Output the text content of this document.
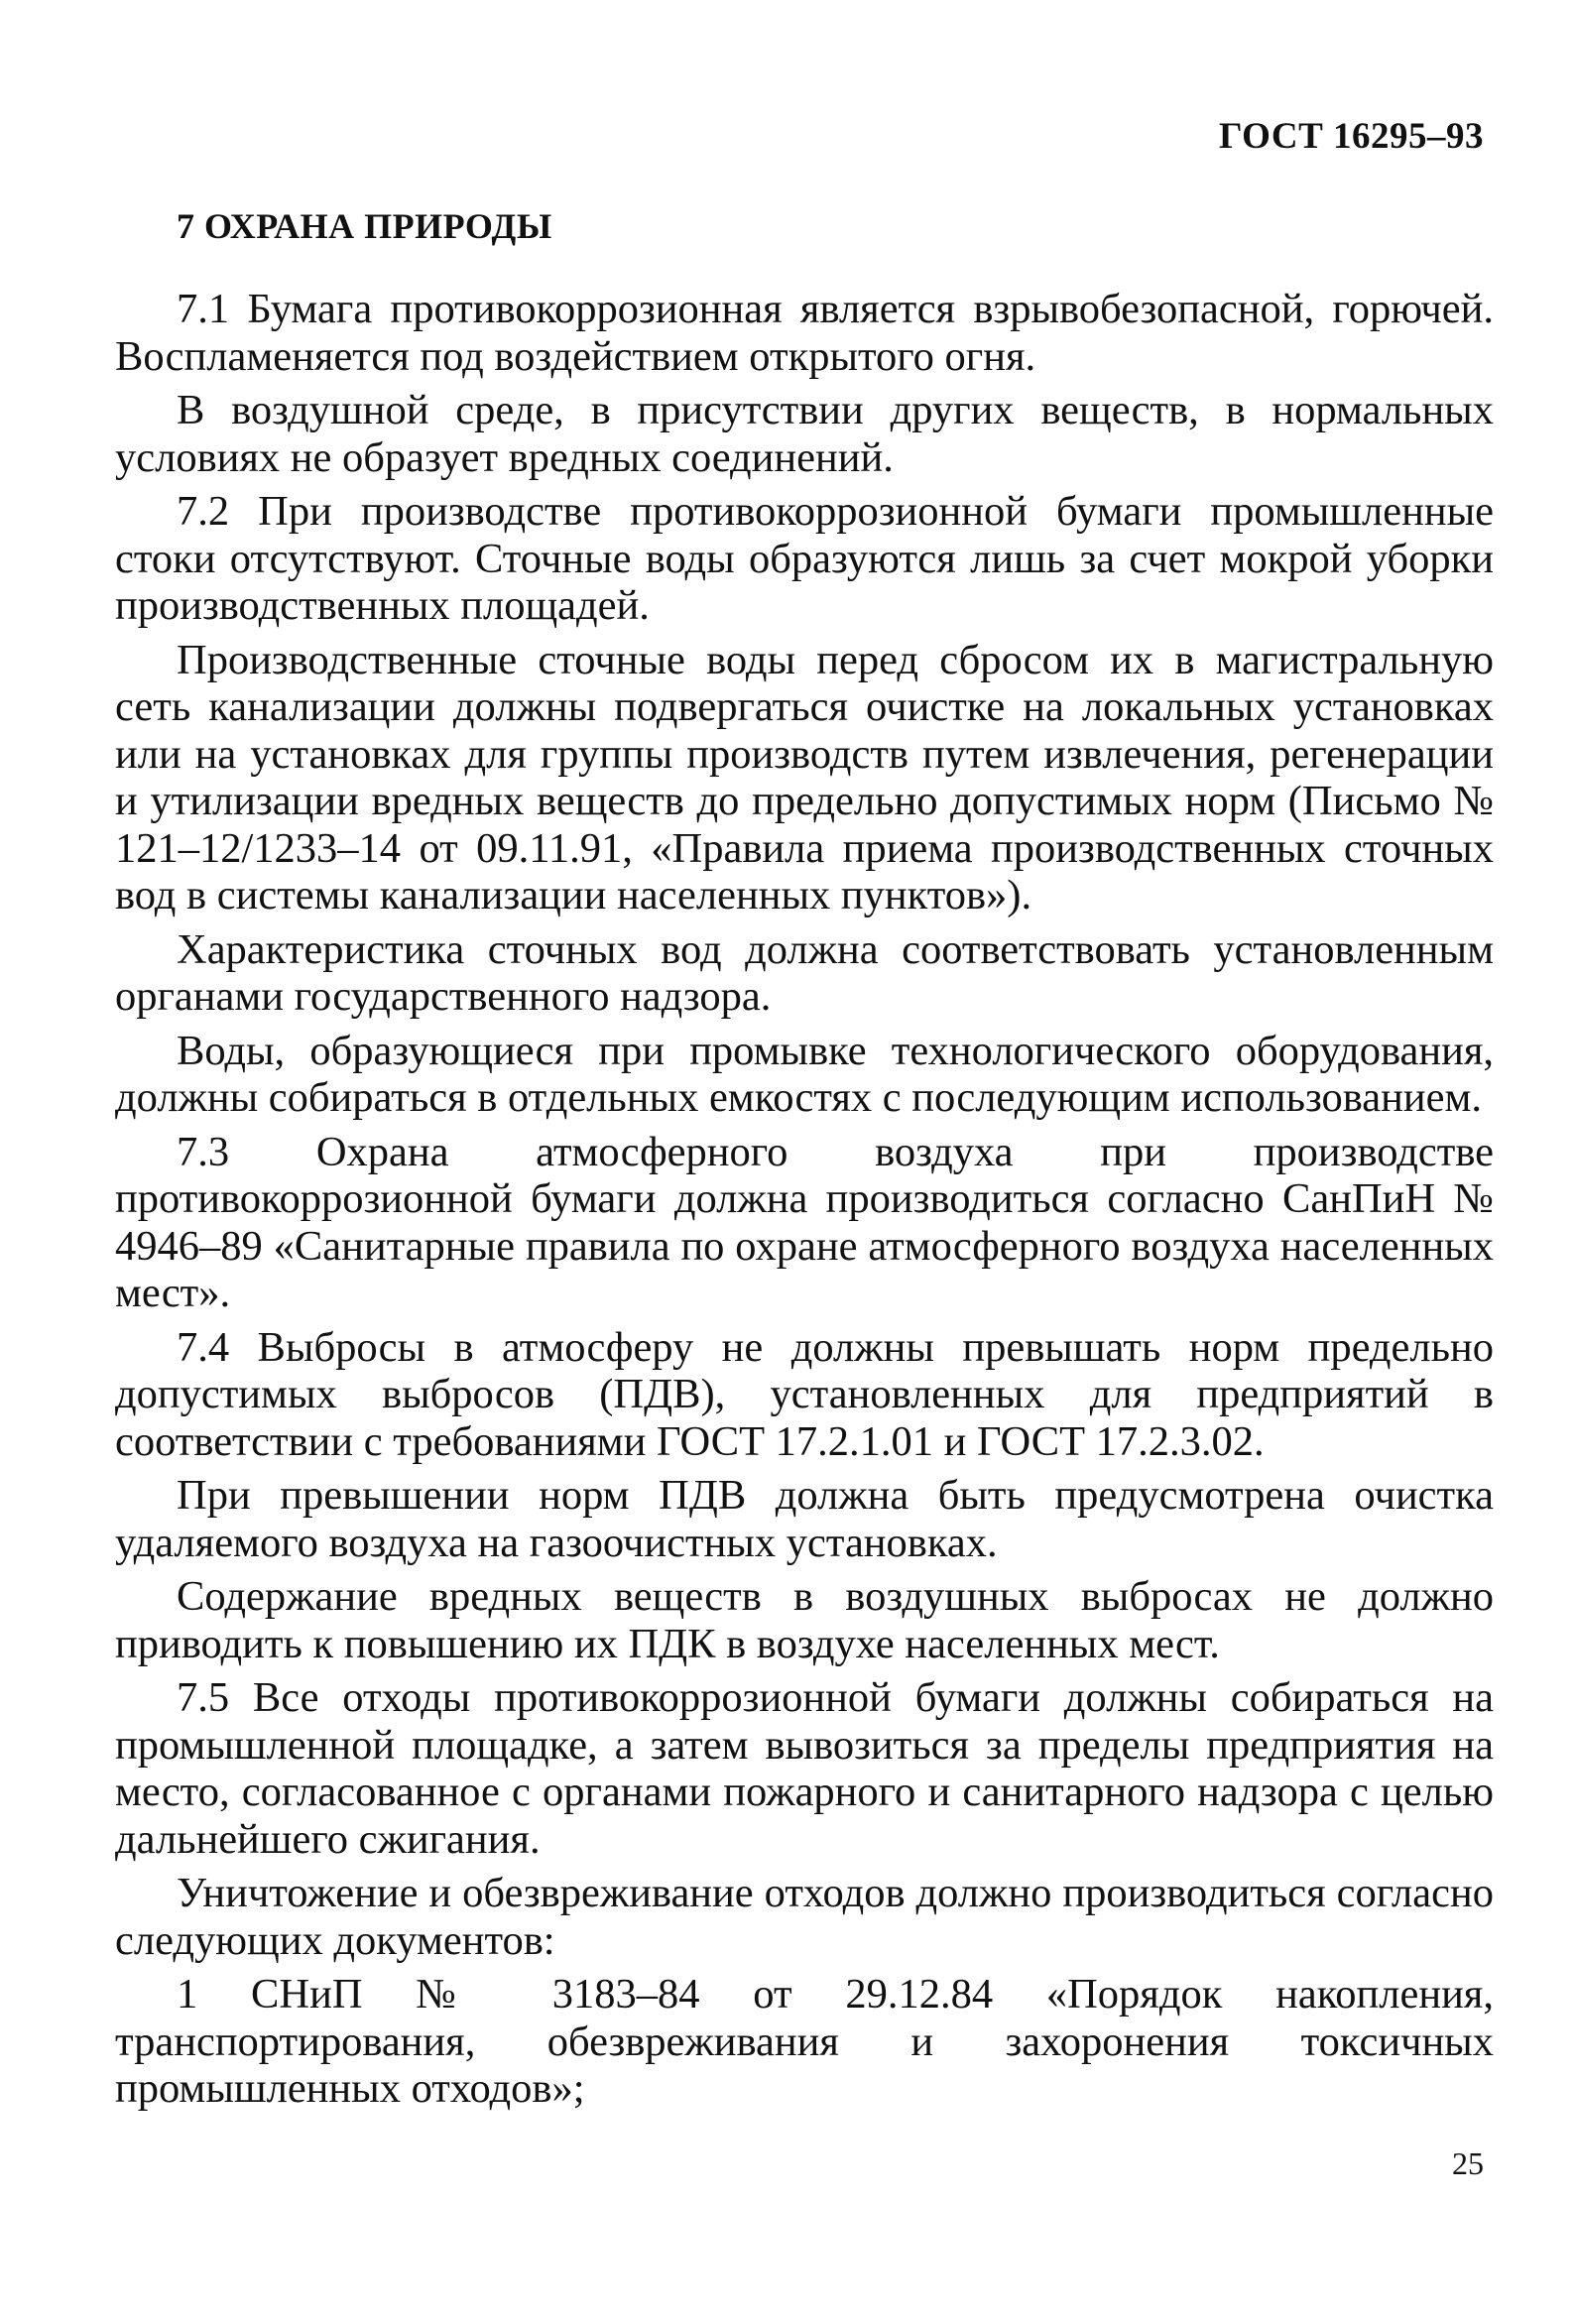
ГОСТ 16295–93
7 ОХРАНА ПРИРОДЫ

7.1 Бумага противокоррозионная является взрывобезопасной, горючей. Воспламеняется под воздействием открытого огня.

В воздушной среде, в присутствии других веществ, в нормальных условиях не образует вредных соединений.

7.2 При производстве противокоррозионной бумаги промышленные стоки отсутствуют. Сточные воды образуются лишь за счет мокрой уборки производственных площадей.

Производственные сточные воды перед сбросом их в магистральную сеть канализации должны подвергаться очистке на локальных установках или на установках для группы производств путем извлечения, регенерации и утилизации вредных веществ до предельно допустимых норм (Письмо № 121–12/1233–14 от 09.11.91, «Правила приема производственных сточных вод в системы канализации населенных пунктов»).

Характеристика сточных вод должна соответствовать установленным органами государственного надзора.

Воды, образующиеся при промывке технологического оборудования, должны собираться в отдельных емкостях с последующим использованием.

7.3 Охрана атмосферного воздуха при производстве противокоррозионной бумаги должна производиться согласно СанПиН № 4946–89 «Санитарные правила по охране атмосферного воздуха населенных мест».

7.4 Выбросы в атмосферу не должны превышать норм предельно допустимых выбросов (ПДВ), установленных для предприятий в соответствии с требованиями ГОСТ 17.2.1.01 и ГОСТ 17.2.3.02.

При превышении норм ПДВ должна быть предусмотрена очистка удаляемого воздуха на газоочистных установках.

Содержание вредных веществ в воздушных выбросах не должно приводить к повышению их ПДК в воздухе населенных мест.

7.5 Все отходы противокоррозионной бумаги должны собираться на промышленной площадке, а затем вывозиться за пределы предприятия на место, согласованное с органами пожарного и санитарного надзора с целью дальнейшего сжигания.

Уничтожение и обезвреживание отходов должно производиться согласно следующих документов:

1 СНиП № 3183–84 от 29.12.84 «Порядок накопления, транспортирования, обезвреживания и захоронения токсичных промышленных отходов»;

25
